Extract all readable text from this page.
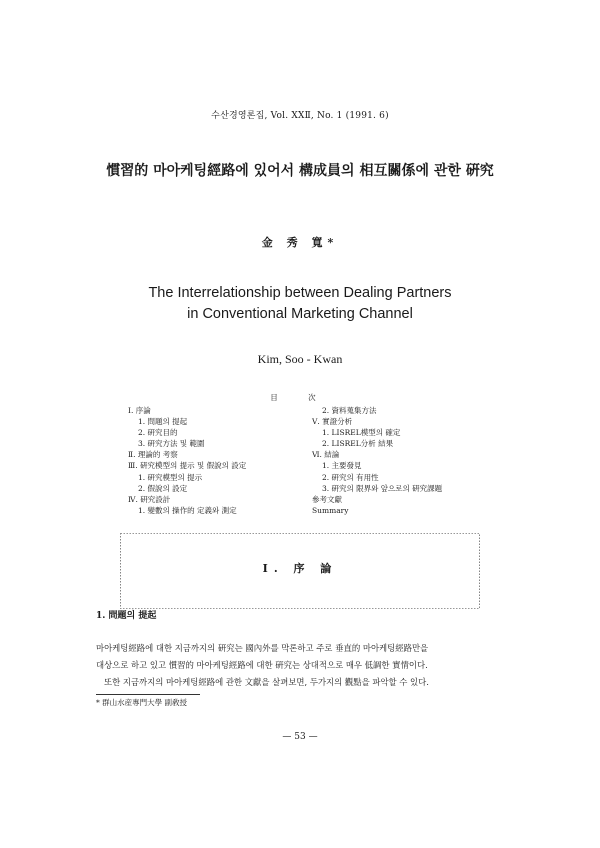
수산경영론집, Vol. XXⅡ, No. 1 (1991. 6)
慣習的 마아케팅經路에 있어서 構成員의 相互關係에 관한 硏究
金 秀 寬*
The Interrelationship between Dealing Partners
in Conventional Marketing Channel
Kim, Soo - Kwan
目 次
Ⅰ. 序論
1. 問題의 提起
2. 硏究目的
3. 硏究方法 및 範圍
Ⅱ. 理論的 考察
Ⅲ. 硏究模型의 提示 및 假說의 設定
1. 硏究模型의 提示
2. 假說의 設定
Ⅳ. 硏究設計
1. 變數의 操作的 定義와 測定
2. 資料蒐集方法
Ⅴ. 實證分析
1. LISREL模型의 確定
2. LISREL分析 結果
Ⅵ. 結論
1. 主要發見
2. 硏究의 有用性
3. 硏究의 限界와 앞으로의 硏究課題
參考文獻
Summary
Ⅰ. 序 論
1. 問題의 提起
마아케팅經路에 대한 지금까지의 硏究는 國內外를 막론하고 주로 垂直的 마아케팅經路만을
대상으로 하고 있고 慣習的 마아케팅經路에 대한 硏究는 상대적으로 매우 低調한 實情이다.
또한 지금까지의 마아케팅經路에 관한 文獻을 살펴보면, 두가지의 觀點을 파악할 수 있다.
* 群山水産專門大學 副敎授
— 53 —
